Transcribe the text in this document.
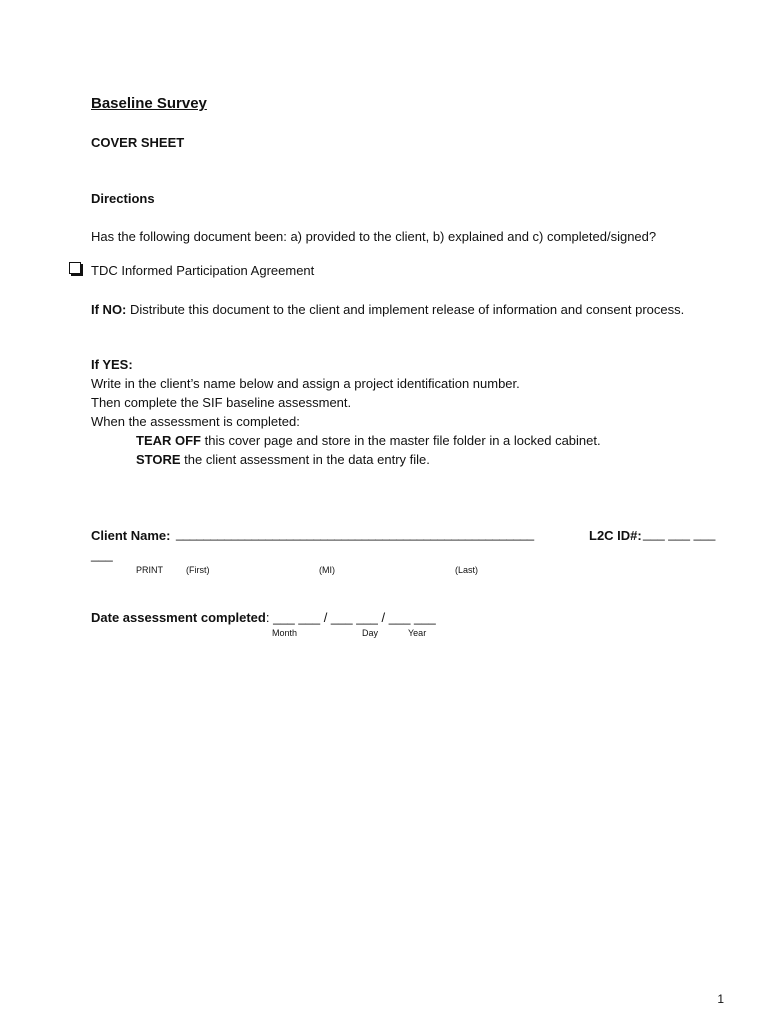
Baseline Survey
COVER SHEET
Directions
Has the following document been: a) provided to the client, b) explained and c) completed/signed?
TDC Informed Participation Agreement
If NO: Distribute this document to the client and implement release of information and consent process.
If YES:
Write in the client’s name below and assign a project identification number.
Then complete the SIF baseline assessment.
When the assessment is completed:
TEAR OFF this cover page and store in the master file folder in a locked cabinet.
STORE the client assessment in the data entry file.
Client Name: ____________________________________________________	L2C ID#: ___ ___ ___
___
PRINT	(First)	(MI)	(Last)
Date assessment completed: ___ ___ / ___ ___ / ___ ___
Month	Day	Year
1
